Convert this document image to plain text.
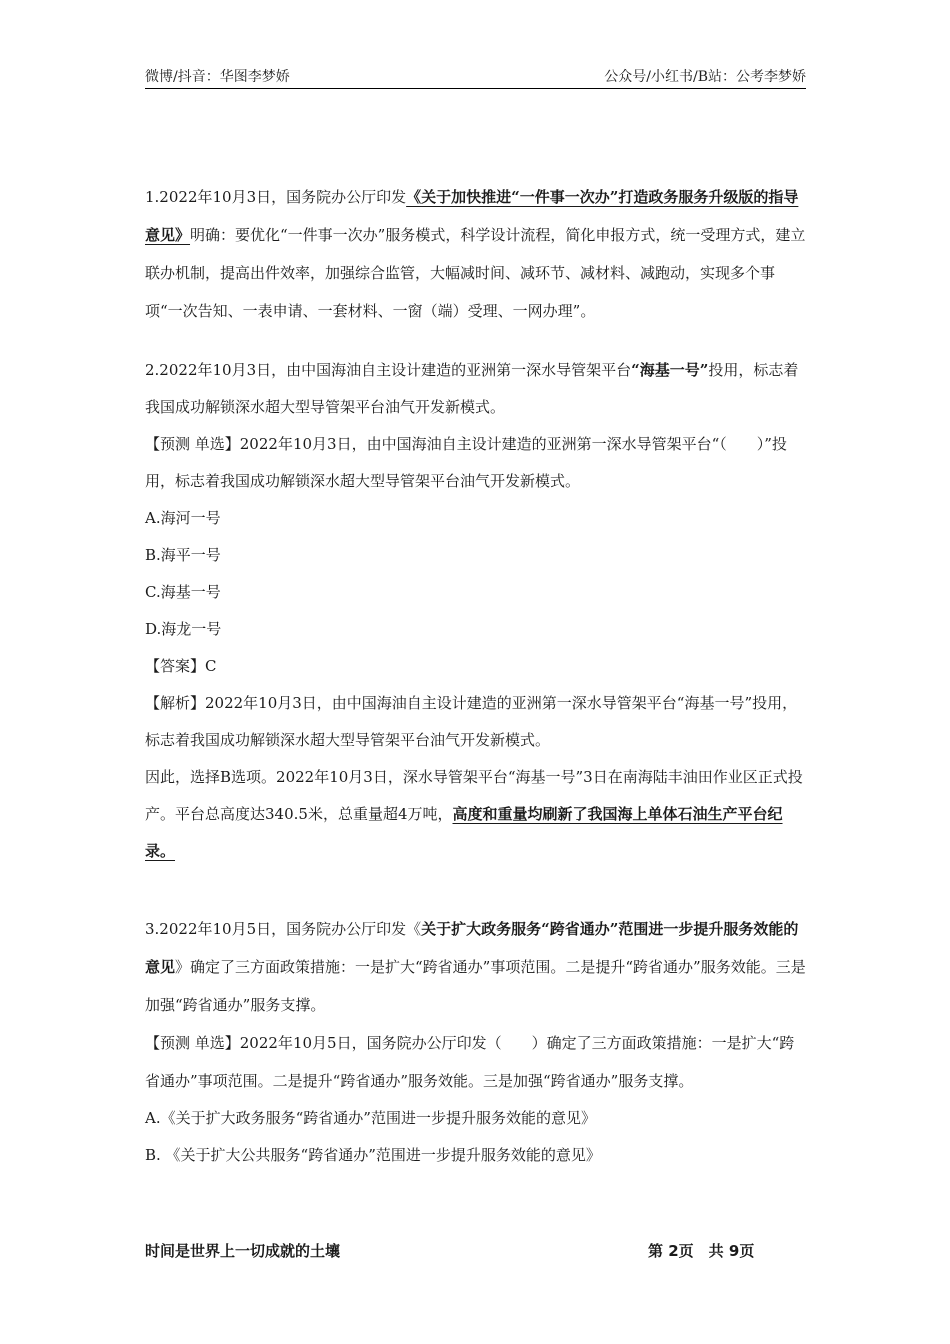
微博/抖音：华图李梦娇	公众号/小红书/B站：公考李梦娇

1.2022年10月3日，国务院办公厅印发《关于加快推进“一件事一次办”打造政务服务升级版的指导意见》明确：要优化“一件事一次办”服务模式，科学设计流程，简化申报方式，统一受理方式，建立联办机制，提高出件效率，加强综合监管，大幅减时间、减环节、减材料、减跑动，实现多个事项“一次告知、一表申请、一套材料、一窗（端）受理、一网办理”。

2.2022年10月3日，由中国海油自主设计建造的亚洲第一深水导管架平台“海基一号”投用，标志着我国成功解锁深水超大型导管架平台油气开发新模式。

【预测 单选】2022年10月3日，由中国海油自主设计建造的亚洲第一深水导管架平台“（　　）”投用，标志着我国成功解锁深水超大型导管架平台油气开发新模式。

A.海河一号

B.海平一号

C.海基一号

D.海龙一号

【答案】C

【解析】2022年10月3日，由中国海油自主设计建造的亚洲第一深水导管架平台“海基一号”投用，标志着我国成功解锁深水超大型导管架平台油气开发新模式。

因此，选择B选项。2022年10月3日，深水导管架平台“海基一号”3日在南海陆丰油田作业区正式投产。平台总高度达340.5米，总重量超4万吨，高度和重量均刷新了我国海上单体石油生产平台纪录。

3.2022年10月5日，国务院办公厅印发《关于扩大政务服务“跨省通办”范围进一步提升服务效能的意见》确定了三方面政策措施：一是扩大“跨省通办”事项范围。二是提升“跨省通办”服务效能。三是加强“跨省通办”服务支撑。

【预测 单选】2022年10月5日，国务院办公厅印发（　　）确定了三方面政策措施：一是扩大“跨省通办”事项范围。二是提升“跨省通办”服务效能。三是加强“跨省通办”服务支撑。

A.《关于扩大政务服务“跨省通办”范围进一步提升服务效能的意见》

B. 《关于扩大公共服务“跨省通办”范围进一步提升服务效能的意见》

时间是世界上一切成就的土壤	第 2页　共 9页
